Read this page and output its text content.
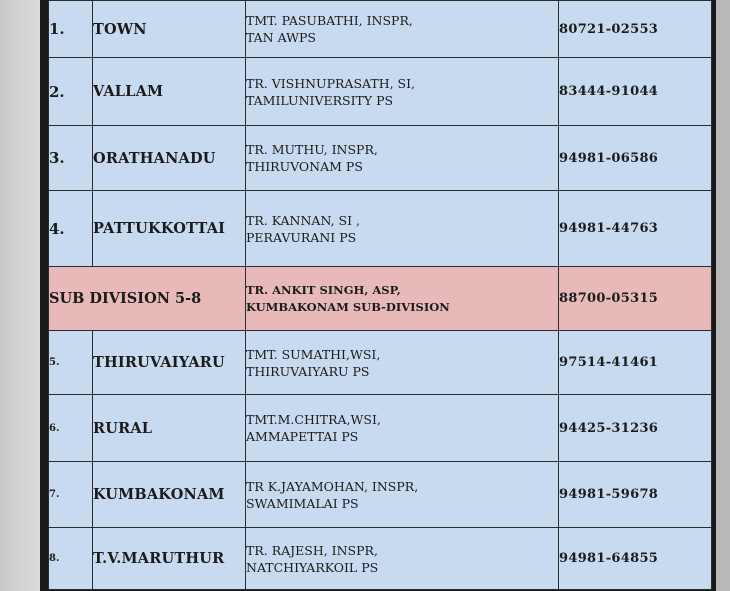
1.	TOWN	TMT. PASUBATHI, INSPR,
TAN AWPS	80721-02553
2.	VALLAM	TR. VISHNUPRASATH, SI,
TAMILUNIVERSITY PS	83444-91044
3.	ORATHANADU	TR. MUTHU, INSPR,
THIRUVONAM PS	94981-06586
4.	PATTUKKOTTAI	TR. KANNAN, SI ,
PERAVURANI PS	94981-44763
SUB DIVISION 5-8		TR. ANKIT SINGH, ASP,
KUMBAKONAM SUB-DIVISION	88700-05315
5.	THIRUVAIYARU	TMT. SUMATHI,WSI,
THIRUVAIYARU PS	97514-41461
6.	RURAL	TMT.M.CHITRA,WSI,
AMMAPETTAI PS	94425-31236
7.	KUMBAKONAM	TR K.JAYAMOHAN, INSPR,
SWAMIMALAI PS	94981-59678
8.	T.V.MARUTHUR	TR. RAJESH, INSPR,
NATCHIYARKOIL PS	94981-64855
